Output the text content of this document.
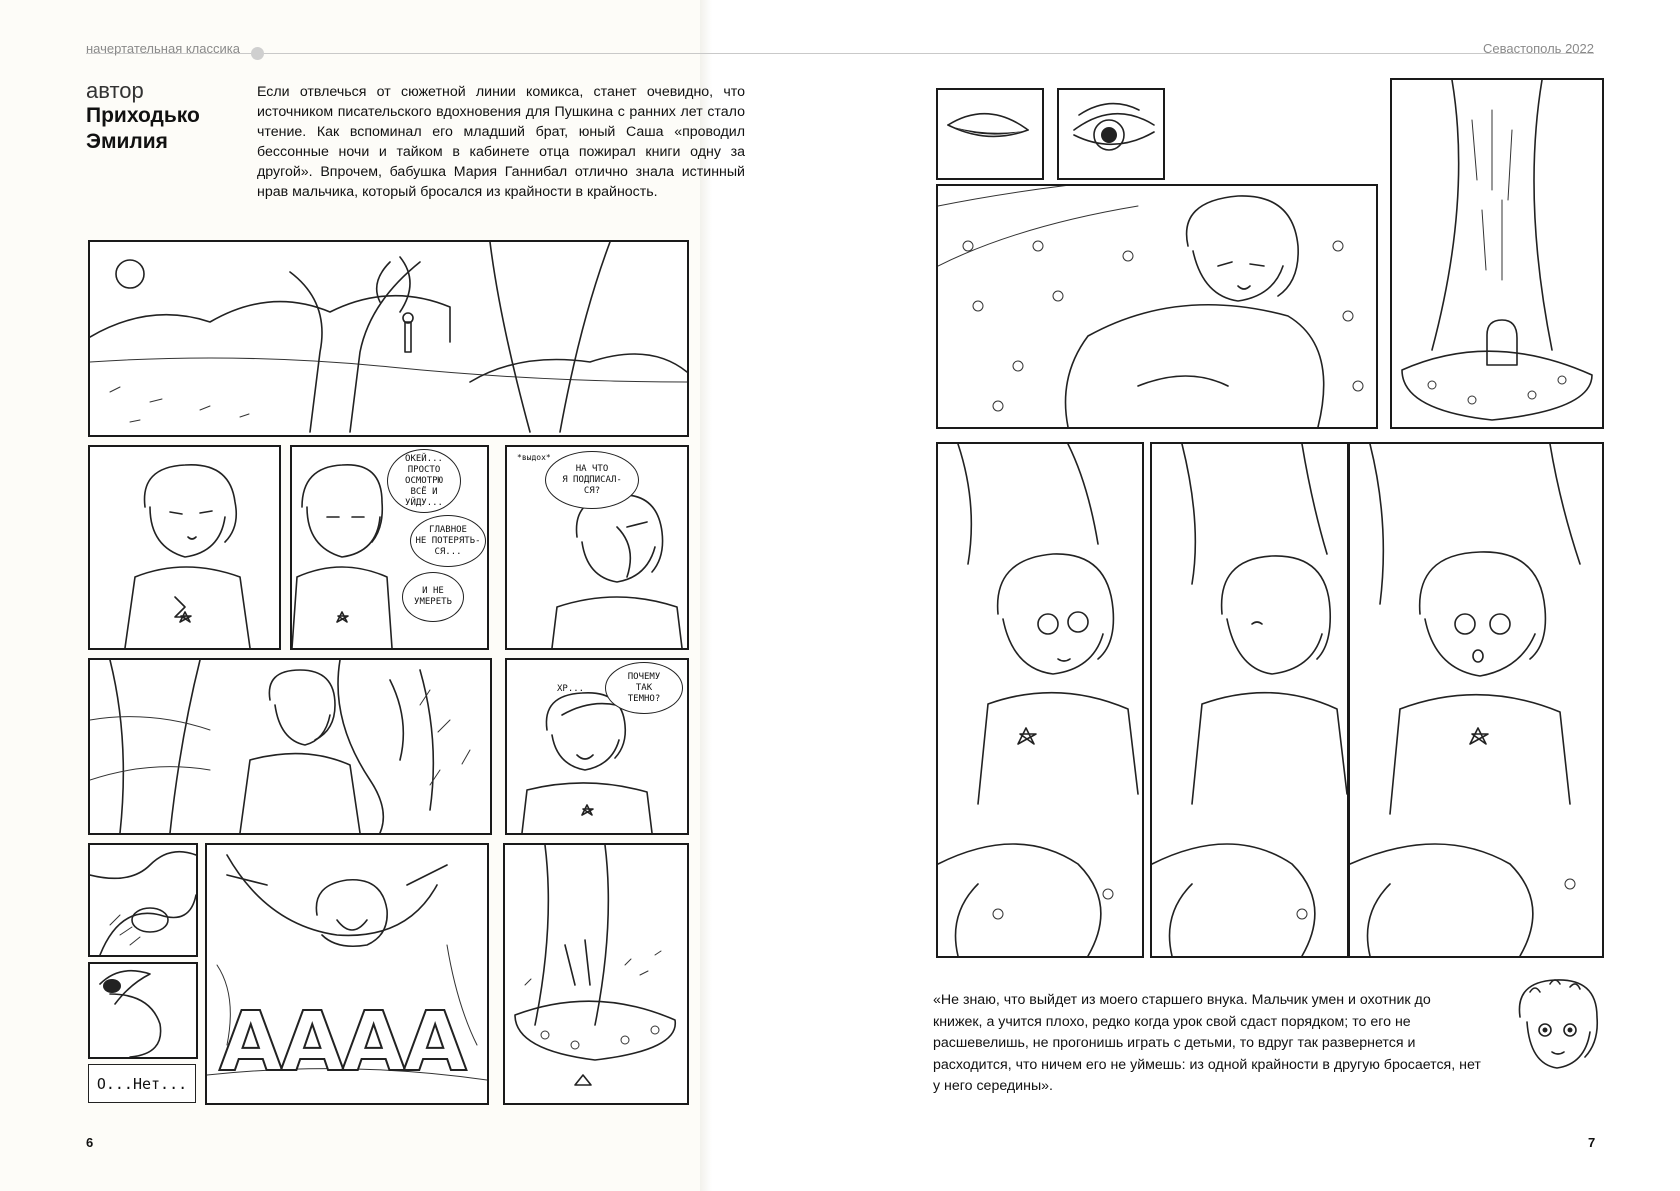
начертательная классика	Севастополь 2022
автор
Приходько Эмилия
Если отвлечься от сюжетной линии комикса, станет очевидно, что источником писательского вдохновения для Пушкина с ранних лет стало чтение. Как вспоминал его младший брат, юный Саша «проводил бессонные ночи и тайком в кабинете отца пожирал книги одну за другой». Впрочем, бабушка Мария Ганнибал отлично знала истинный нрав мальчика, который бросался из крайности в крайность.
ОКЕЙ...
ПРОСТО
ОСМОТРЮ
ВСЁ И
УЙДУ...
ГЛАВНОЕ
НЕ ПОТЕРЯТЬ-
СЯ...
И НЕ
УМЕРЕТЬ
НА ЧТО
Я ПОДПИСАЛ-
СЯ?
*выдох*
ПОЧЕМУ
ТАК
ТЕМНО?
ХР...
АААА
О...Нет...
«Не знаю, что выйдет из моего старшего внука. Мальчик умен и охотник до книжек, а учится плохо, редко когда урок свой сдаст порядком; то его не расшевелишь, не прогонишь играть с детьми, то вдруг так развернется и расходится, что ничем его не уймешь: из одной крайности в другую бросается, нет у него середины».
6	7
